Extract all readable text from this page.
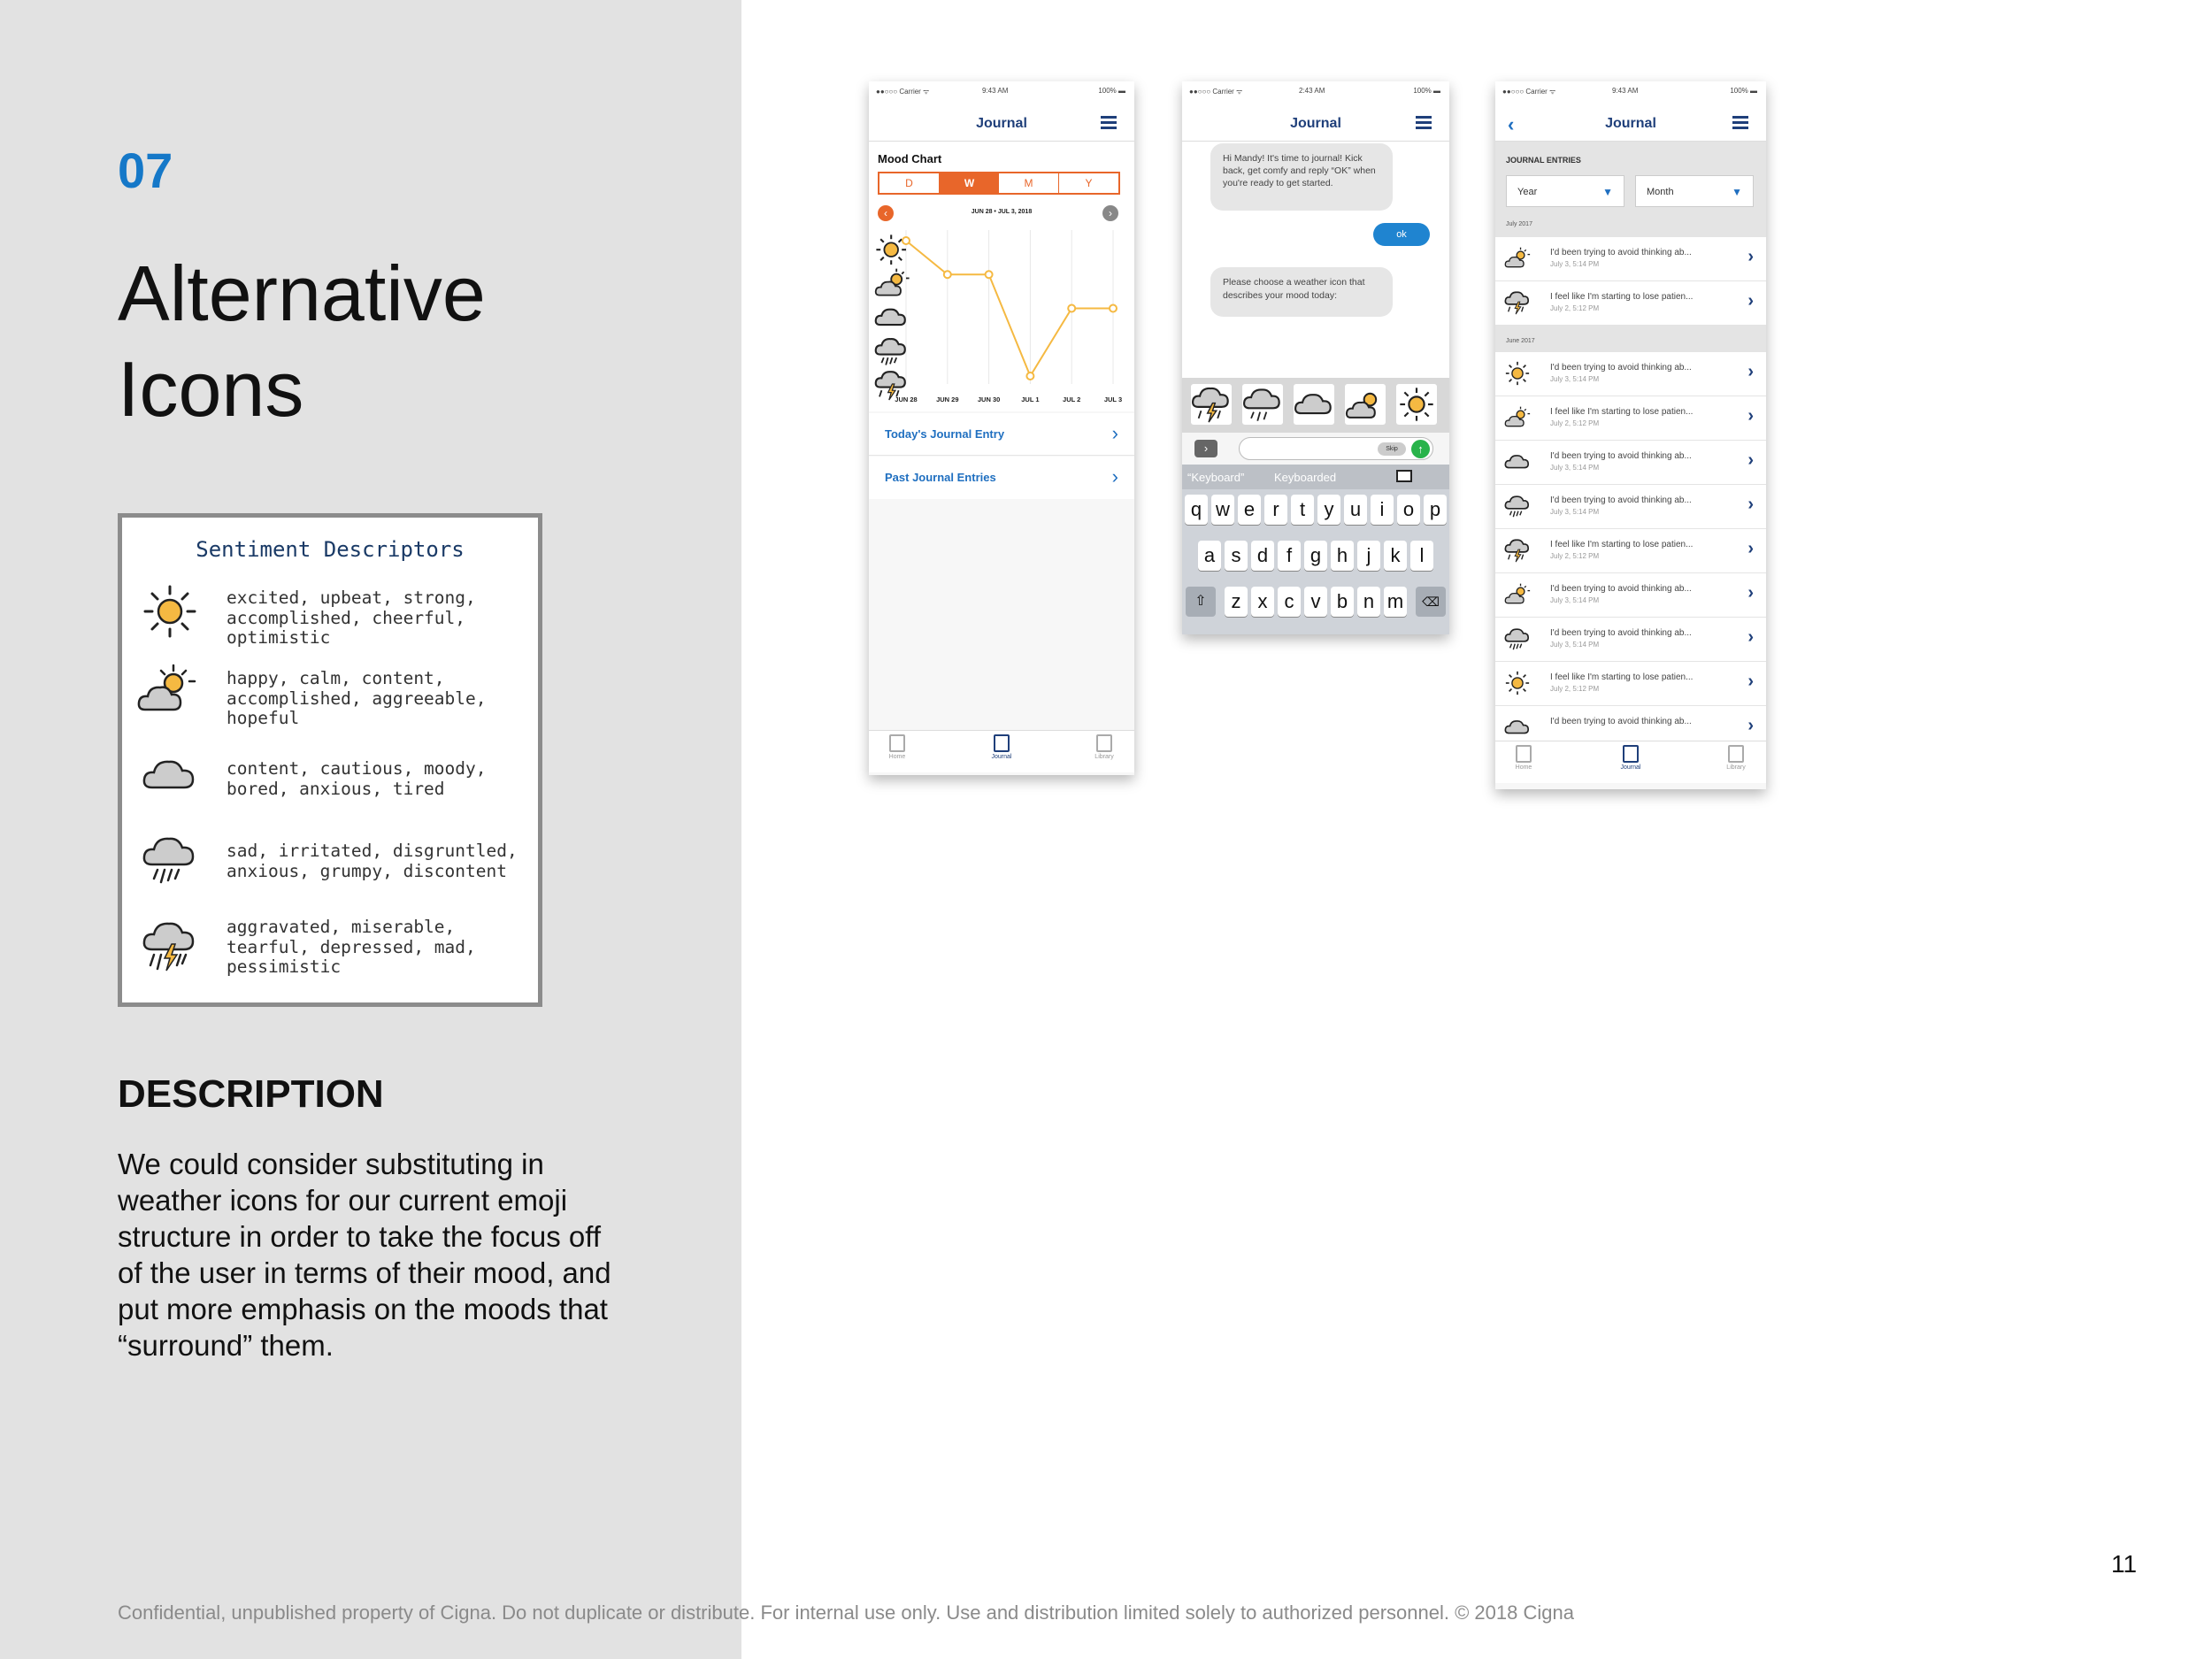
07
Alternative
Icons
Sentiment Descriptors
excited, upbeat, strong, accomplished, cheerful, optimistic
happy, calm, content, accomplished, aggreeable, hopeful
content, cautious, moody, bored, anxious, tired
sad, irritated, disgruntled, anxious, grumpy, discontent
aggravated, miserable, tearful, depressed, mad, pessimistic
DESCRIPTION
We could consider substituting in weather icons for our current emoji structure in order to take the focus off of the user in terms of their mood, and put more emphasis on the moods that “surround” them.
Confidential, unpublished property of Cigna. Do not duplicate or distribute. For internal use only. Use and distribution limited solely to authorized personnel. © 2018 Cigna
11
●●○○○ Carrier ᯤ	9:43 AM	100% ▬
Journal
Mood Chart
D	W	M	Y
‹	JUN 28 • JUL 3, 2018	›
JUN 28	JUN 29	JUN 30	JUL 1	JUL 2	JUL 3
Today's Journal Entry	›
Past Journal Entries	›
Home	Journal	Library
●●○○○ Carrier ᯤ	2:43 AM	100% ▬
Journal
Hi Mandy! It's time to journal! Kick back, get comfy and reply “OK” when you're ready to get started.
ok
Please choose a weather icon that describes your mood today:
›	Skip	↑
“Keyboard”	Keyboarded
q w e r	t y u i o p
a s d f g h j	k	l
⇧	z x c v b n m	⌫
●●○○○ Carrier ᯤ	9:43 AM	100% ▬
‹	Journal
JOURNAL ENTRIES
Year	▼	Month	▼
July 2017
I'd been trying to avoid thinking ab...
July 3, 5:14 PM	›
I feel like I'm starting to lose patien...
July 2, 5:12 PM	›
June 2017
I'd been trying to avoid thinking ab...
July 3, 5:14 PM	›
I feel like I'm starting to lose patien...
July 2, 5:12 PM	›
I'd been trying to avoid thinking ab...
July 3, 5:14 PM	›
I'd been trying to avoid thinking ab...
July 3, 5:14 PM	›
I feel like I'm starting to lose patien...
July 2, 5:12 PM	›
I'd been trying to avoid thinking ab...
July 3, 5:14 PM	›
I'd been trying to avoid thinking ab...
July 3, 5:14 PM	›
I feel like I'm starting to lose patien...
July 2, 5:12 PM	›
I'd been trying to avoid thinking ab...	›
Home	Journal	Library
